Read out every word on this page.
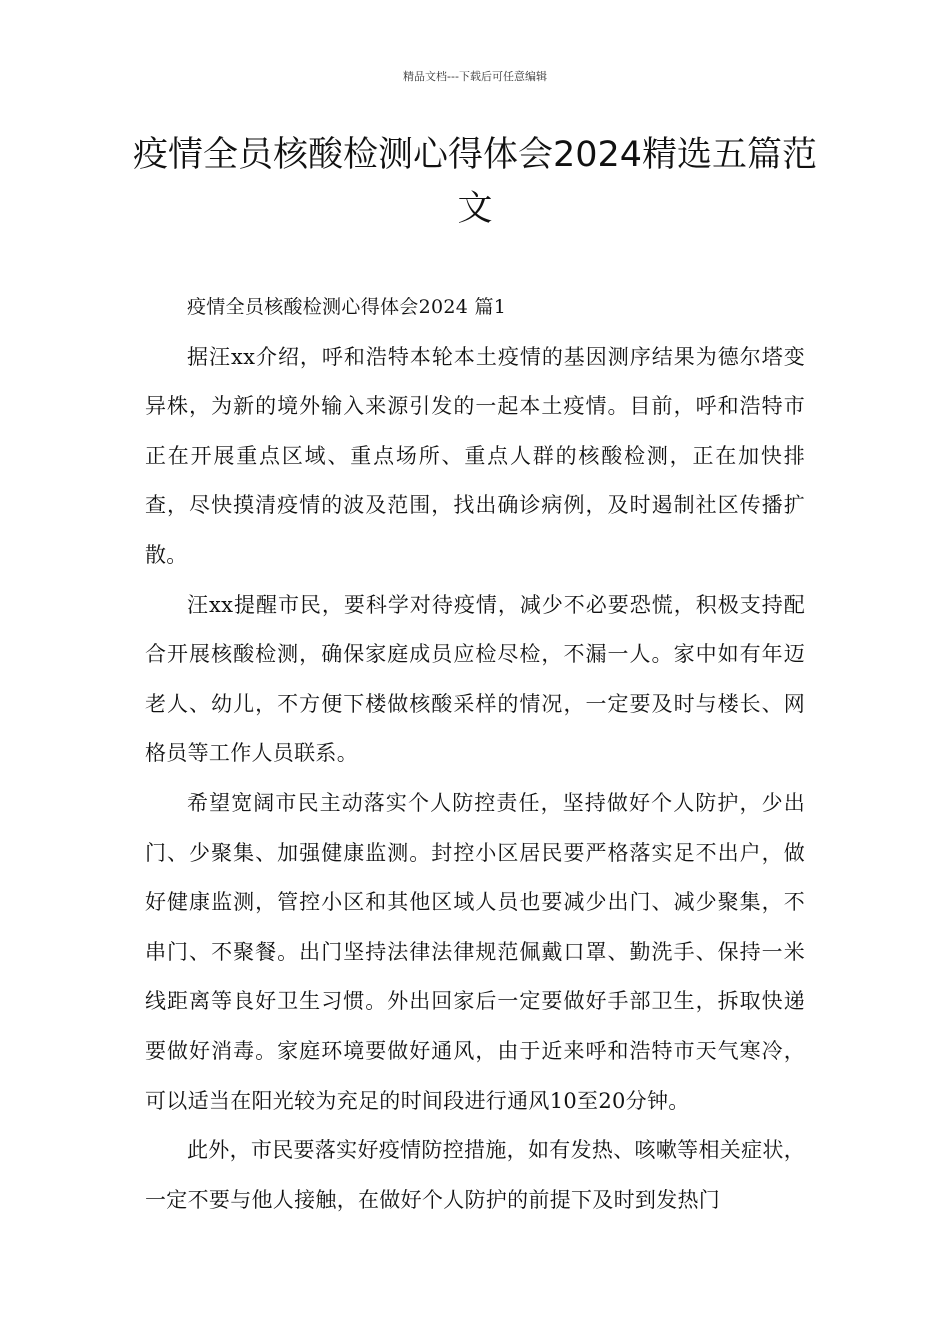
精品文档---下载后可任意编辑
疫情全员核酸检测心得体会2024精选五篇范文

疫情全员核酸检测心得体会2024 篇1

据汪xx介绍，呼和浩特本轮本土疫情的基因测序结果为德尔塔变异株，为新的境外输入来源引发的一起本土疫情。目前，呼和浩特市正在开展重点区域、重点场所、重点人群的核酸检测，正在加快排查，尽快摸清疫情的波及范围，找出确诊病例，及时遏制社区传播扩散。

汪xx提醒市民，要科学对待疫情，减少不必要恐慌，积极支持配合开展核酸检测，确保家庭成员应检尽检，不漏一人。家中如有年迈老人、幼儿，不方便下楼做核酸采样的情况，一定要及时与楼长、网格员等工作人员联系。

希望宽阔市民主动落实个人防控责任，坚持做好个人防护，少出门、少聚集、加强健康监测。封控小区居民要严格落实足不出户，做好健康监测，管控小区和其他区域人员也要减少出门、减少聚集，不串门、不聚餐。出门坚持法律法律规范佩戴口罩、勤洗手、保持一米线距离等良好卫生习惯。外出回家后一定要做好手部卫生，拆取快递要做好消毒。家庭环境要做好通风，由于近来呼和浩特市天气寒冷，可以适当在阳光较为充足的时间段进行通风10至20分钟。

此外，市民要落实好疫情防控措施，如有发热、咳嗽等相关症状，一定不要与他人接触，在做好个人防护的前提下及时到发热门
